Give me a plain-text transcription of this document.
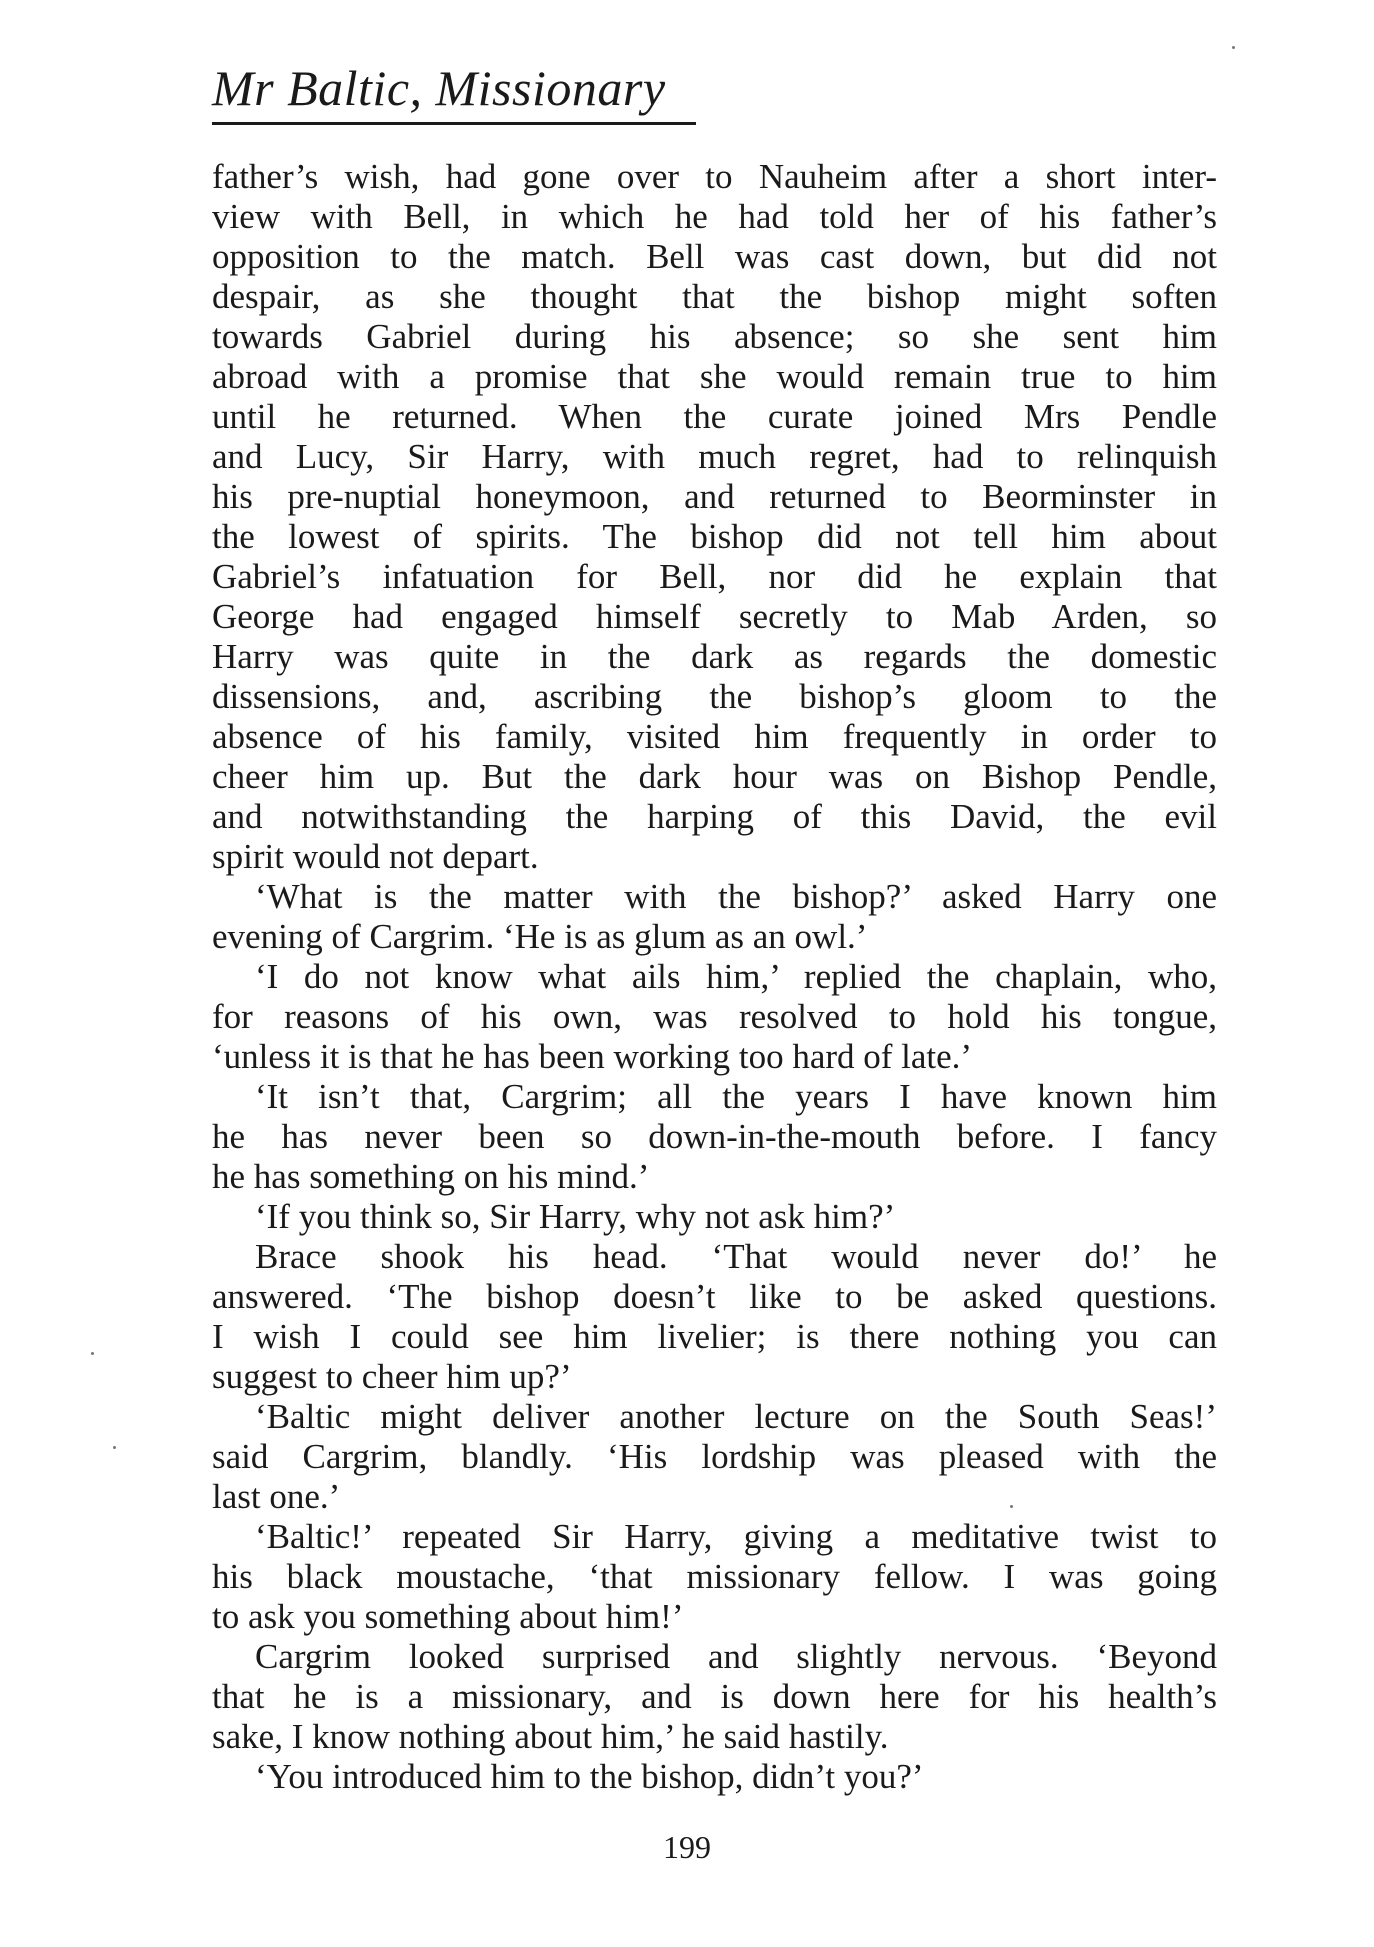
Mr Baltic, Missionary
father’s wish, had gone over to Nauheim after a short inter-
view with Bell, in which he had told her of his father’s
opposition to the match. Bell was cast down, but did not
despair, as she thought that the bishop might soften
towards Gabriel during his absence; so she sent him
abroad with a promise that she would remain true to him
until he returned. When the curate joined Mrs Pendle
and Lucy, Sir Harry, with much regret, had to relinquish
his pre-nuptial honeymoon, and returned to Beorminster in
the lowest of spirits. The bishop did not tell him about
Gabriel’s infatuation for Bell, nor did he explain that
George had engaged himself secretly to Mab Arden, so
Harry was quite in the dark as regards the domestic
dissensions, and, ascribing the bishop’s gloom to the
absence of his family, visited him frequently in order to
cheer him up. But the dark hour was on Bishop Pendle,
and notwithstanding the harping of this David, the evil
spirit would not depart.
‘What is the matter with the bishop?’ asked Harry one
evening of Cargrim. ‘He is as glum as an owl.’
‘I do not know what ails him,’ replied the chaplain, who,
for reasons of his own, was resolved to hold his tongue,
‘unless it is that he has been working too hard of late.’
‘It isn’t that, Cargrim; all the years I have known him
he has never been so down-in-the-mouth before. I fancy
he has something on his mind.’
‘If you think so, Sir Harry, why not ask him?’
Brace shook his head. ‘That would never do!’ he
answered. ‘The bishop doesn’t like to be asked questions.
I wish I could see him livelier; is there nothing you can
suggest to cheer him up?’
‘Baltic might deliver another lecture on the South Seas!’
said Cargrim, blandly. ‘His lordship was pleased with the
last one.’
‘Baltic!’ repeated Sir Harry, giving a meditative twist to
his black moustache, ‘that missionary fellow. I was going
to ask you something about him!’
Cargrim looked surprised and slightly nervous. ‘Beyond
that he is a missionary, and is down here for his health’s
sake, I know nothing about him,’ he said hastily.
‘You introduced him to the bishop, didn’t you?’
199
